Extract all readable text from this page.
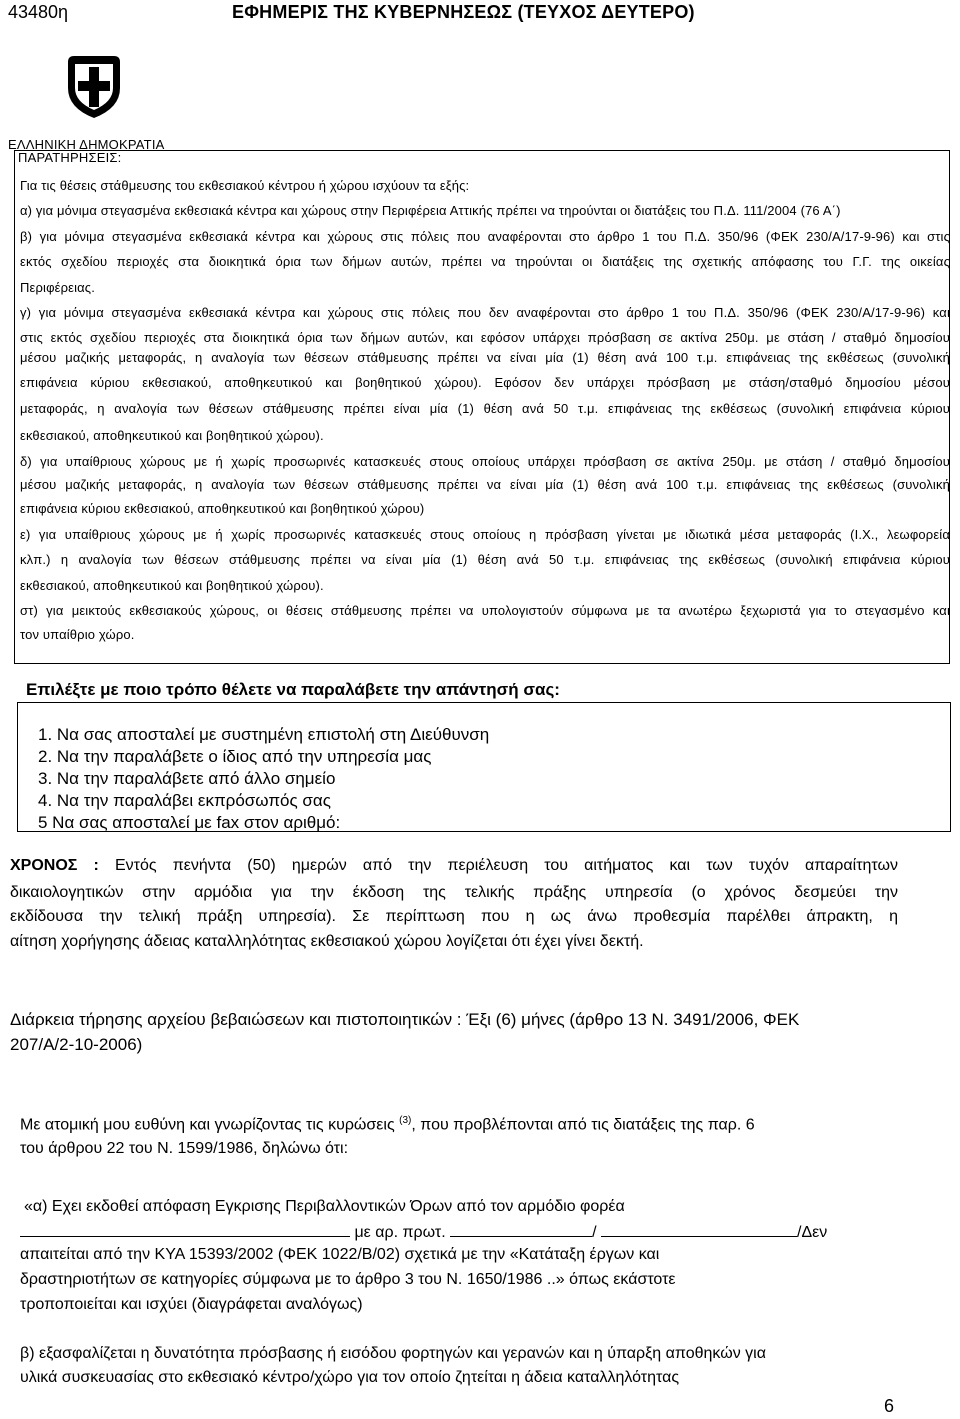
43480η	ΕΦΗΜΕΡΙΣ ΤΗΣ ΚΥΒΕΡΝΗΣΕΩΣ (ΤΕΥΧΟΣ ΔΕΥΤΕΡΟ)
ΕΛΛΗΝΙΚΗ ΔΗΜΟΚΡΑΤΙΑ
ΠΑΡΑΤΗΡΗΣΕΙΣ:
Για τις θέσεις στάθμευσης του εκθεσιακού κέντρου ή χώρου ισχύουν τα εξής:
α) για μόνιμα στεγασμένα εκθεσιακά κέντρα και χώρους στην Περιφέρεια Αττικής πρέπει να τηρούνται οι διατάξεις του Π.Δ. 111/2004 (76 Α΄)
β) για μόνιμα στεγασμένα εκθεσιακά κέντρα και χώρους στις πόλεις που αναφέρονται στο άρθρο 1 του Π.Δ. 350/96 (ΦΕΚ 230/Α/17-9-96) και στις
εκτός σχεδίου περιοχές στα διοικητικά όρια των δήμων αυτών, πρέπει να τηρούνται οι διατάξεις της σχετικής απόφασης του Γ.Γ. της οικείας
Περιφέρειας.
γ) για μόνιμα στεγασμένα εκθεσιακά κέντρα και χώρους στις πόλεις που δεν αναφέρονται στο άρθρο 1 του Π.Δ. 350/96 (ΦΕΚ 230/Α/17-9-96) και
στις εκτός σχεδίου περιοχές στα διοικητικά όρια των δήμων αυτών, και εφόσον υπάρχει πρόσβαση σε ακτίνα 250μ. με στάση / σταθμό δημοσίου
μέσου μαζικής μεταφοράς, η αναλογία των θέσεων στάθμευσης πρέπει να είναι μία (1) θέση ανά 100 τ.μ. επιφάνειας της εκθέσεως (συνολική
επιφάνεια κύριου εκθεσιακού, αποθηκευτικού και βοηθητικού χώρου). Εφόσον δεν υπάρχει πρόσβαση με στάση/σταθμό δημοσίου μέσου
μεταφοράς, η αναλογία των θέσεων στάθμευσης πρέπει είναι μία (1) θέση ανά 50 τ.μ. επιφάνειας της εκθέσεως (συνολική επιφάνεια κύριου
εκθεσιακού, αποθηκευτικού και βοηθητικού χώρου).
δ) για υπαίθριους χώρους με ή χωρίς προσωρινές κατασκευές στους οποίους υπάρχει πρόσβαση σε ακτίνα 250μ. με στάση / σταθμό δημοσίου
μέσου μαζικής μεταφοράς, η αναλογία των θέσεων στάθμευσης πρέπει να είναι μία (1) θέση ανά 100 τ.μ. επιφάνειας της εκθέσεως (συνολική
επιφάνεια κύριου εκθεσιακού, αποθηκευτικού και βοηθητικού χώρου)
ε) για υπαίθριους χώρους με ή χωρίς προσωρινές κατασκευές στους οποίους η πρόσβαση γίνεται με ιδιωτικά μέσα μεταφοράς (Ι.Χ., λεωφορεία
κλπ.) η αναλογία των θέσεων στάθμευσης πρέπει να είναι μία (1) θέση ανά 50 τ.μ. επιφάνειας της εκθέσεως (συνολική επιφάνεια κύριου
εκθεσιακού, αποθηκευτικού και βοηθητικού χώρου).
στ) για μεικτούς εκθεσιακούς χώρους, οι θέσεις στάθμευσης πρέπει να υπολογιστούν σύμφωνα με τα ανωτέρω ξεχωριστά για το στεγασμένο και
τον υπαίθριο χώρο.
Επιλέξτε με ποιο τρόπο θέλετε να παραλάβετε την απάντησή σας:
1. Να σας αποσταλεί με συστημένη επιστολή στη Διεύθυνση
2. Να την παραλάβετε ο ίδιος από την υπηρεσία μας
3. Να την παραλάβετε από άλλο σημείο
4. Να την παραλάβει εκπρόσωπός σας
5 Να σας αποσταλεί με fax στον αριθμό:
ΧΡΟΝΟΣ : Εντός πενήντα (50) ημερών από την περιέλευση του αιτήματος και των τυχόν απαραίτητων
δικαιολογητικών στην αρμόδια για την έκδοση της τελικής πράξης υπηρεσία (ο χρόνος δεσμεύει την
εκδίδουσα την τελική πράξη υπηρεσία). Σε περίπτωση που η ως άνω προθεσμία παρέλθει άπρακτη, η
αίτηση χορήγησης άδειας καταλληλότητας εκθεσιακού χώρου λογίζεται ότι έχει γίνει δεκτή.
Διάρκεια τήρησης αρχείου βεβαιώσεων και πιστοποιητικών : Έξι (6) μήνες (άρθρο 13 Ν. 3491/2006, ΦΕΚ
207/Α/2-10-2006)
Με ατομική μου ευθύνη και γνωρίζοντας τις κυρώσεις $^{(3)}$, που προβλέπονται από τις διατάξεις της παρ. 6
του άρθρου 22 του Ν. 1599/1986, δηλώνω ότι:
«α) Εχει εκδοθεί απόφαση Εγκρισης Περιβαλλοντικών Όρων από τον αρμόδιο φορέα
με αρ. πρωτ.	/	/Δεν
απαιτείται από την ΚΥΑ 15393/2002 (ΦΕΚ 1022/Β/02) σχετικά με την «Κατάταξη έργων και
δραστηριοτήτων σε κατηγορίες σύμφωνα με το άρθρο 3 του Ν. 1650/1986 ..» όπως εκάστοτε
τροποποιείται και ισχύει (διαγράφεται αναλόγως)
β) εξασφαλίζεται η δυνατότητα πρόσβασης ή εισόδου φορτηγών και γερανών και η ύπαρξη αποθηκών για
υλικά συσκευασίας στο εκθεσιακό κέντρο/χώρο για τον οποίο ζητείται η άδεια καταλληλότητας
6
